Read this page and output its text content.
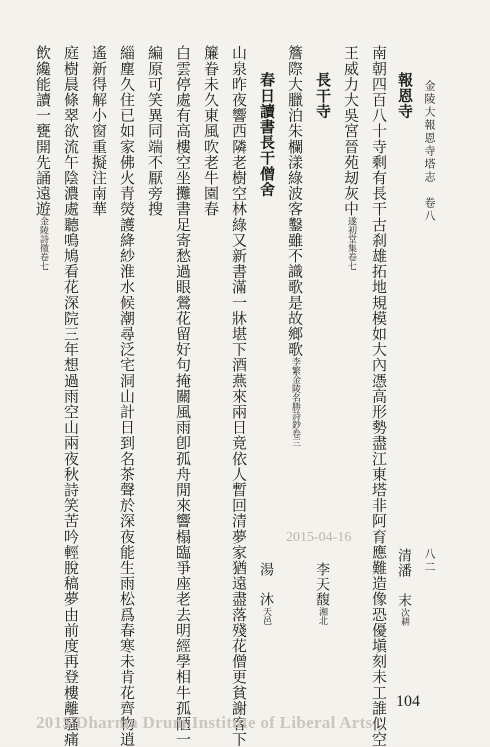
金陵大報恩寺塔志　卷八
八二
報恩寺
清潘　末次耕
南朝四百八十寺剩有長干古刹雄拓地規模如大內憑高形勢盡江東塔非阿育應難造像恐優塡刻未工誰似空
王威力大吳宮晉苑刼灰中遂初堂集卷七
長干寺
李天馥湘北
簷際大臘泊朱欄漾綠波客鑿雖不識歌是故鄉歌李繁金陵名勝詩鈔卷三
春日讀書長干僧舍
湯　沐天邑
山泉昨夜響西隣老樹空林綠又新書滿一牀堪下酒燕來兩日竟依人暫回清夢家猶遠盡落殘花僧更貧謝客下
簾眷未久東風吹老牛園春
白雲停處有高樓空坐攤書足寄愁過眼鶯花留好句掩關風雨卽孤舟閒來響榻臨爭座老去明經學相牛孤陋一
編原可笑異同端不厭旁搜
緇塵久住已如家佛火青熒護絳紗淮水候潮尋泛宅洞山計日到名茶聲於深夜能生雨松爲春寒未肯花齊物逍
遙新得解小窗重擬注南華
庭樹晨條翠欲流午陰濃處聽鳴鳩看花深院三年想過雨空山兩夜秋詩笑苦吟輕脫稿夢由前度再登樓離騷痛
飲纔能讀一甕開先誦遠遊金陵詩徵卷七
104
2015-04-16
2015 Dharma Drum Institute of Liberal Arts
